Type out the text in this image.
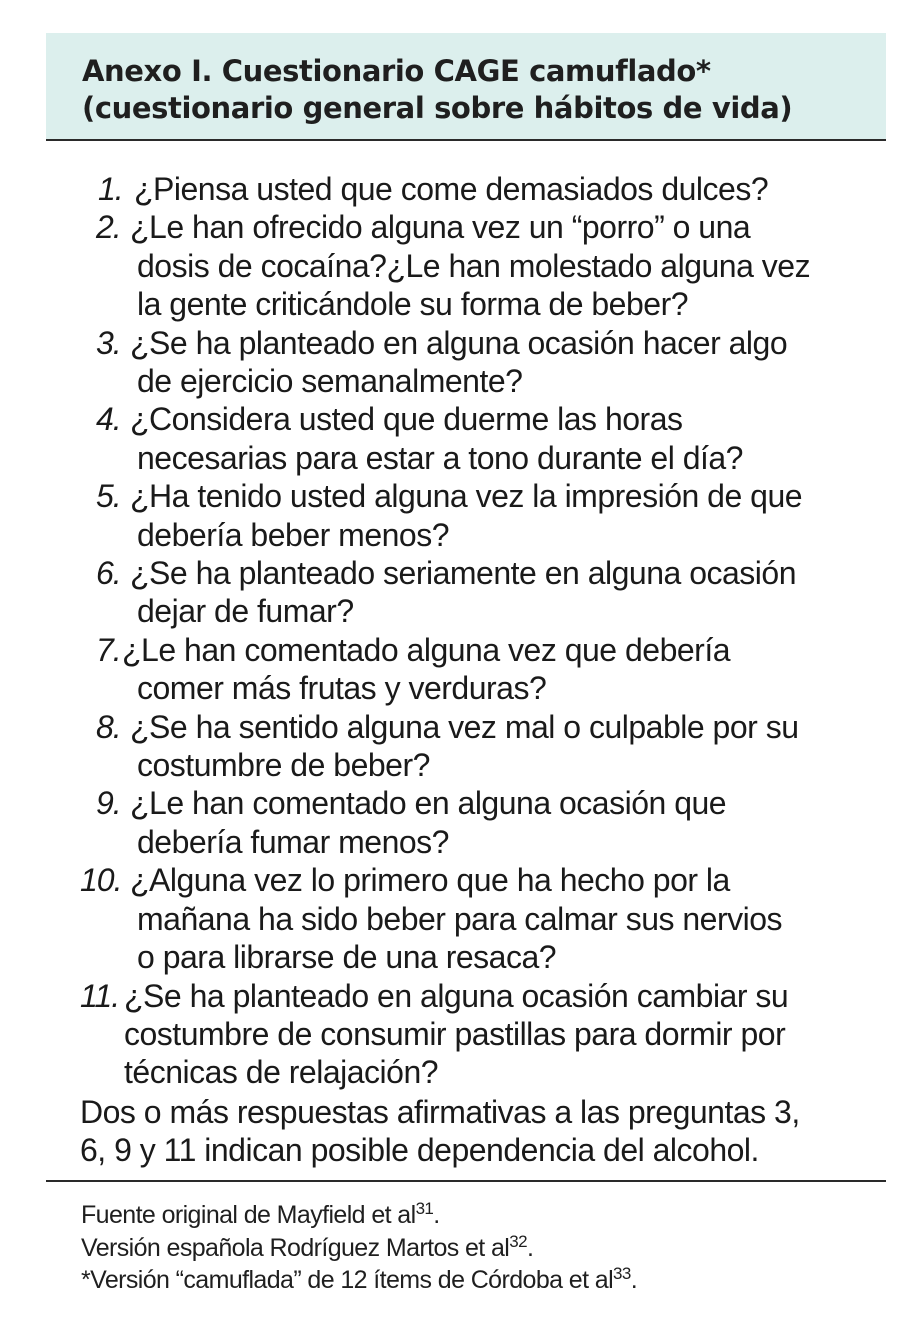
Anexo I. Cuestionario CAGE camuflado*
(cuestionario general sobre hábitos de vida)
1. ¿Piensa usted que come demasiados dulces?
2. ¿Le han ofrecido alguna vez un “porro” o una
dosis de cocaína?¿Le han molestado alguna vez
la gente criticándole su forma de beber?
3. ¿Se ha planteado en alguna ocasión hacer algo
de ejercicio semanalmente?
4. ¿Considera usted que duerme las horas
necesarias para estar a tono durante el día?
5. ¿Ha tenido usted alguna vez la impresión de que
debería beber menos?
6. ¿Se ha planteado seriamente en alguna ocasión
dejar de fumar?
7. ¿Le han comentado alguna vez que debería
comer más frutas y verduras?
8. ¿Se ha sentido alguna vez mal o culpable por su
costumbre de beber?
9. ¿Le han comentado en alguna ocasión que
debería fumar menos?
10. ¿Alguna vez lo primero que ha hecho por la
mañana ha sido beber para calmar sus nervios
o para librarse de una resaca?
11. ¿Se ha planteado en alguna ocasión cambiar su
costumbre de consumir pastillas para dormir por
técnicas de relajación?

Dos o más respuestas afirmativas a las preguntas 3,
6, 9 y 11 indican posible dependencia del alcohol.

Fuente original de Mayfield et $al^{31}$.

Versión española Rodríguez Martos et $al^{32}$.

*Versión “camuflada” de 12 ítems de Córdoba et $al^{33}$.
